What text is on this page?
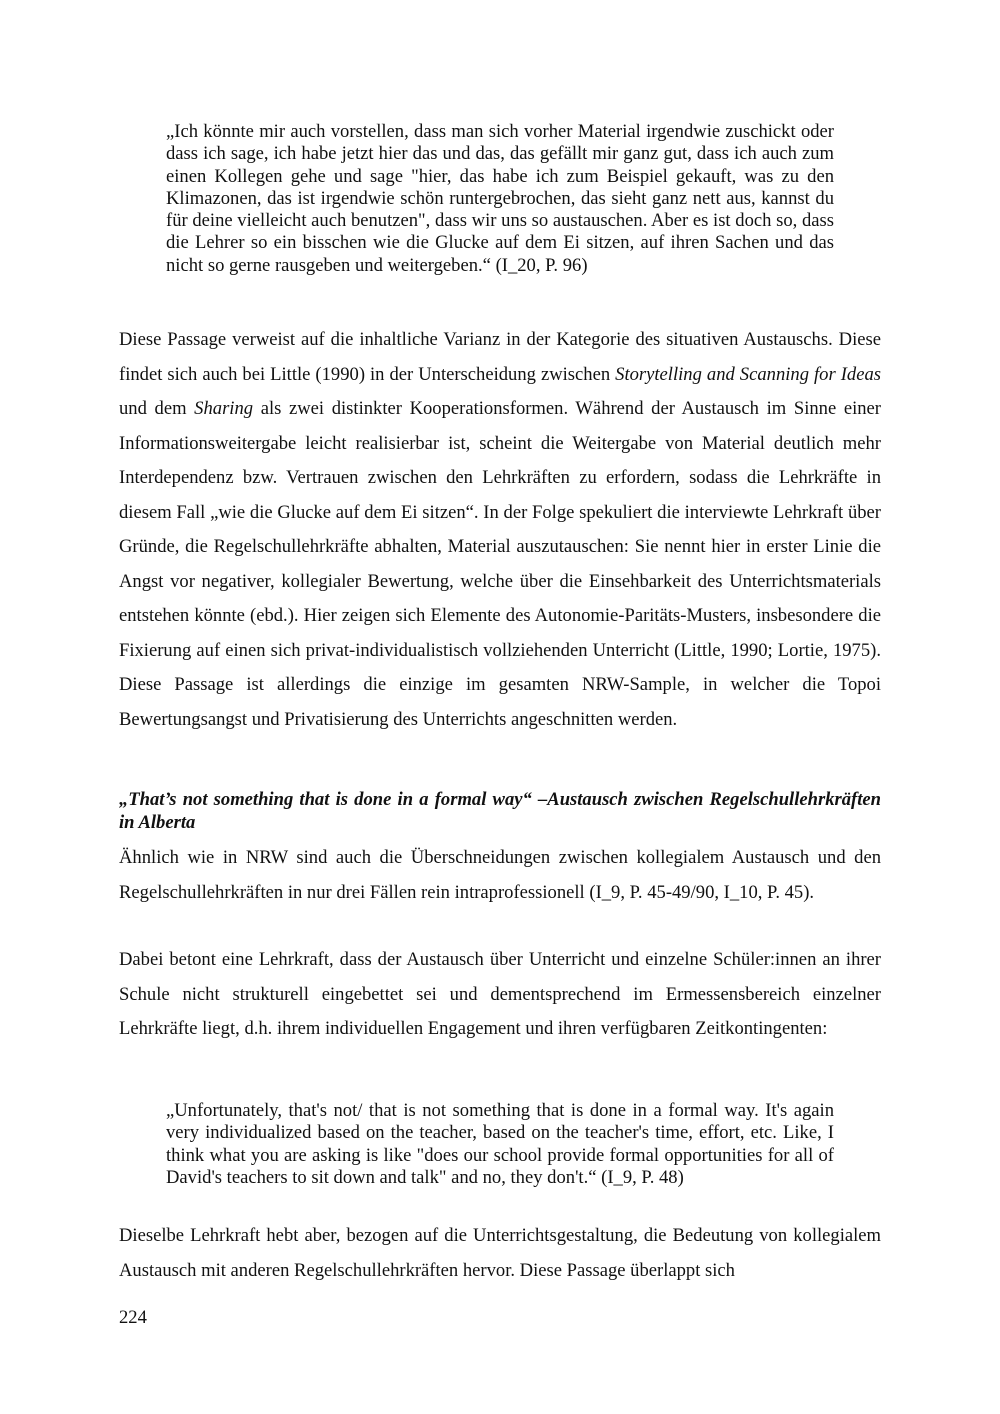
„Ich könnte mir auch vorstellen, dass man sich vorher Material irgendwie zuschickt oder dass ich sage, ich habe jetzt hier das und das, das gefällt mir ganz gut, dass ich auch zum einen Kollegen gehe und sage "hier, das habe ich zum Beispiel gekauft, was zu den Klimazonen, das ist irgendwie schön runtergebrochen, das sieht ganz nett aus, kannst du für deine vielleicht auch benutzen", dass wir uns so austauschen. Aber es ist doch so, dass die Lehrer so ein bisschen wie die Glucke auf dem Ei sitzen, auf ihren Sachen und das nicht so gerne rausgeben und weitergeben.“ (I_20, P. 96)

Diese Passage verweist auf die inhaltliche Varianz in der Kategorie des situativen Austauschs. Diese findet sich auch bei Little (1990) in der Unterscheidung zwischen Storytelling and Scanning for Ideas und dem Sharing als zwei distinkter Kooperationsformen. Während der Austausch im Sinne einer Informationsweitergabe leicht realisierbar ist, scheint die Weitergabe von Material deutlich mehr Interdependenz bzw. Vertrauen zwischen den Lehrkräften zu erfordern, sodass die Lehrkräfte in diesem Fall „wie die Glucke auf dem Ei sitzen“. In der Folge spekuliert die interviewte Lehrkraft über Gründe, die Regelschullehrkräfte abhalten, Material auszutauschen: Sie nennt hier in erster Linie die Angst vor negativer, kollegialer Bewertung, welche über die Einsehbarkeit des Unterrichtsmaterials entstehen könnte (ebd.). Hier zeigen sich Elemente des Autonomie-Paritäts-Musters, insbesondere die Fixierung auf einen sich privat-individualistisch vollziehenden Unterricht (Little, 1990; Lortie, 1975). Diese Passage ist allerdings die einzige im gesamten NRW-Sample, in welcher die Topoi Bewertungsangst und Privatisierung des Unterrichts angeschnitten werden.

„That’s not something that is done in a formal way“ –Austausch zwischen Regelschullehrkräften in Alberta

Ähnlich wie in NRW sind auch die Überschneidungen zwischen kollegialem Austausch und den Regelschullehrkräften in nur drei Fällen rein intraprofessionell (I_9, P. 45-49/90, I_10, P. 45).

Dabei betont eine Lehrkraft, dass der Austausch über Unterricht und einzelne Schüler:innen an ihrer Schule nicht strukturell eingebettet sei und dementsprechend im Ermessensbereich einzelner Lehrkräfte liegt, d.h. ihrem individuellen Engagement und ihren verfügbaren Zeitkontingenten:

„Unfortunately, that's not/ that is not something that is done in a formal way. It's again very individualized based on the teacher, based on the teacher's time, effort, etc. Like, I think what you are asking is like "does our school provide formal opportunities for all of David's teachers to sit down and talk" and no, they don't.“ (I_9, P. 48)

Dieselbe Lehrkraft hebt aber, bezogen auf die Unterrichtsgestaltung, die Bedeutung von kollegialem Austausch mit anderen Regelschullehrkräften hervor. Diese Passage überlappt sich

224
